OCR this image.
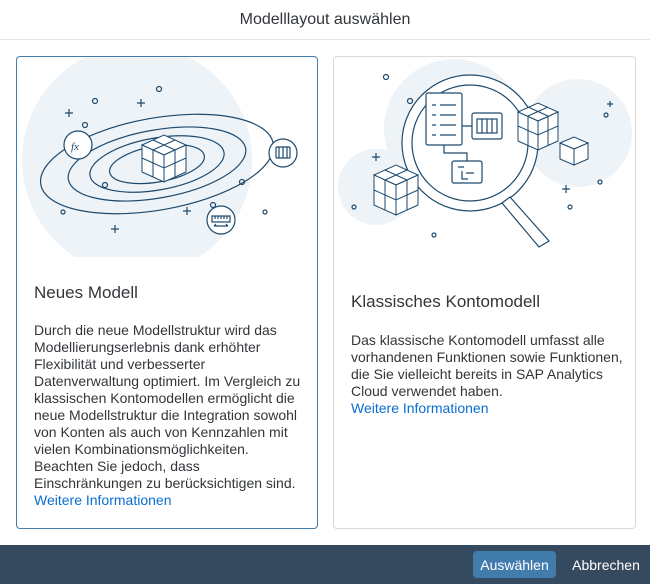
Modelllayout auswählen
fx
Neues Modell
Durch die neue Modellstruktur wird das Modellierungserlebnis dank erhöhter Flexibilität und verbesserter Datenverwaltung optimiert. Im Vergleich zu klassischen Kontomodellen ermöglicht die neue Modellstruktur die Integration sowohl von Konten als auch von Kennzahlen mit vielen Kombinationsmöglichkeiten. Beachten Sie jedoch, dass Einschränkungen zu berücksichtigen sind.
Weitere Informationen
Klassisches Kontomodell
Das klassische Kontomodell umfasst alle vorhandenen Funktionen sowie Funktionen, die Sie vielleicht bereits in SAP Analytics Cloud verwendet haben.
Weitere Informationen
Auswählen	Abbrechen
